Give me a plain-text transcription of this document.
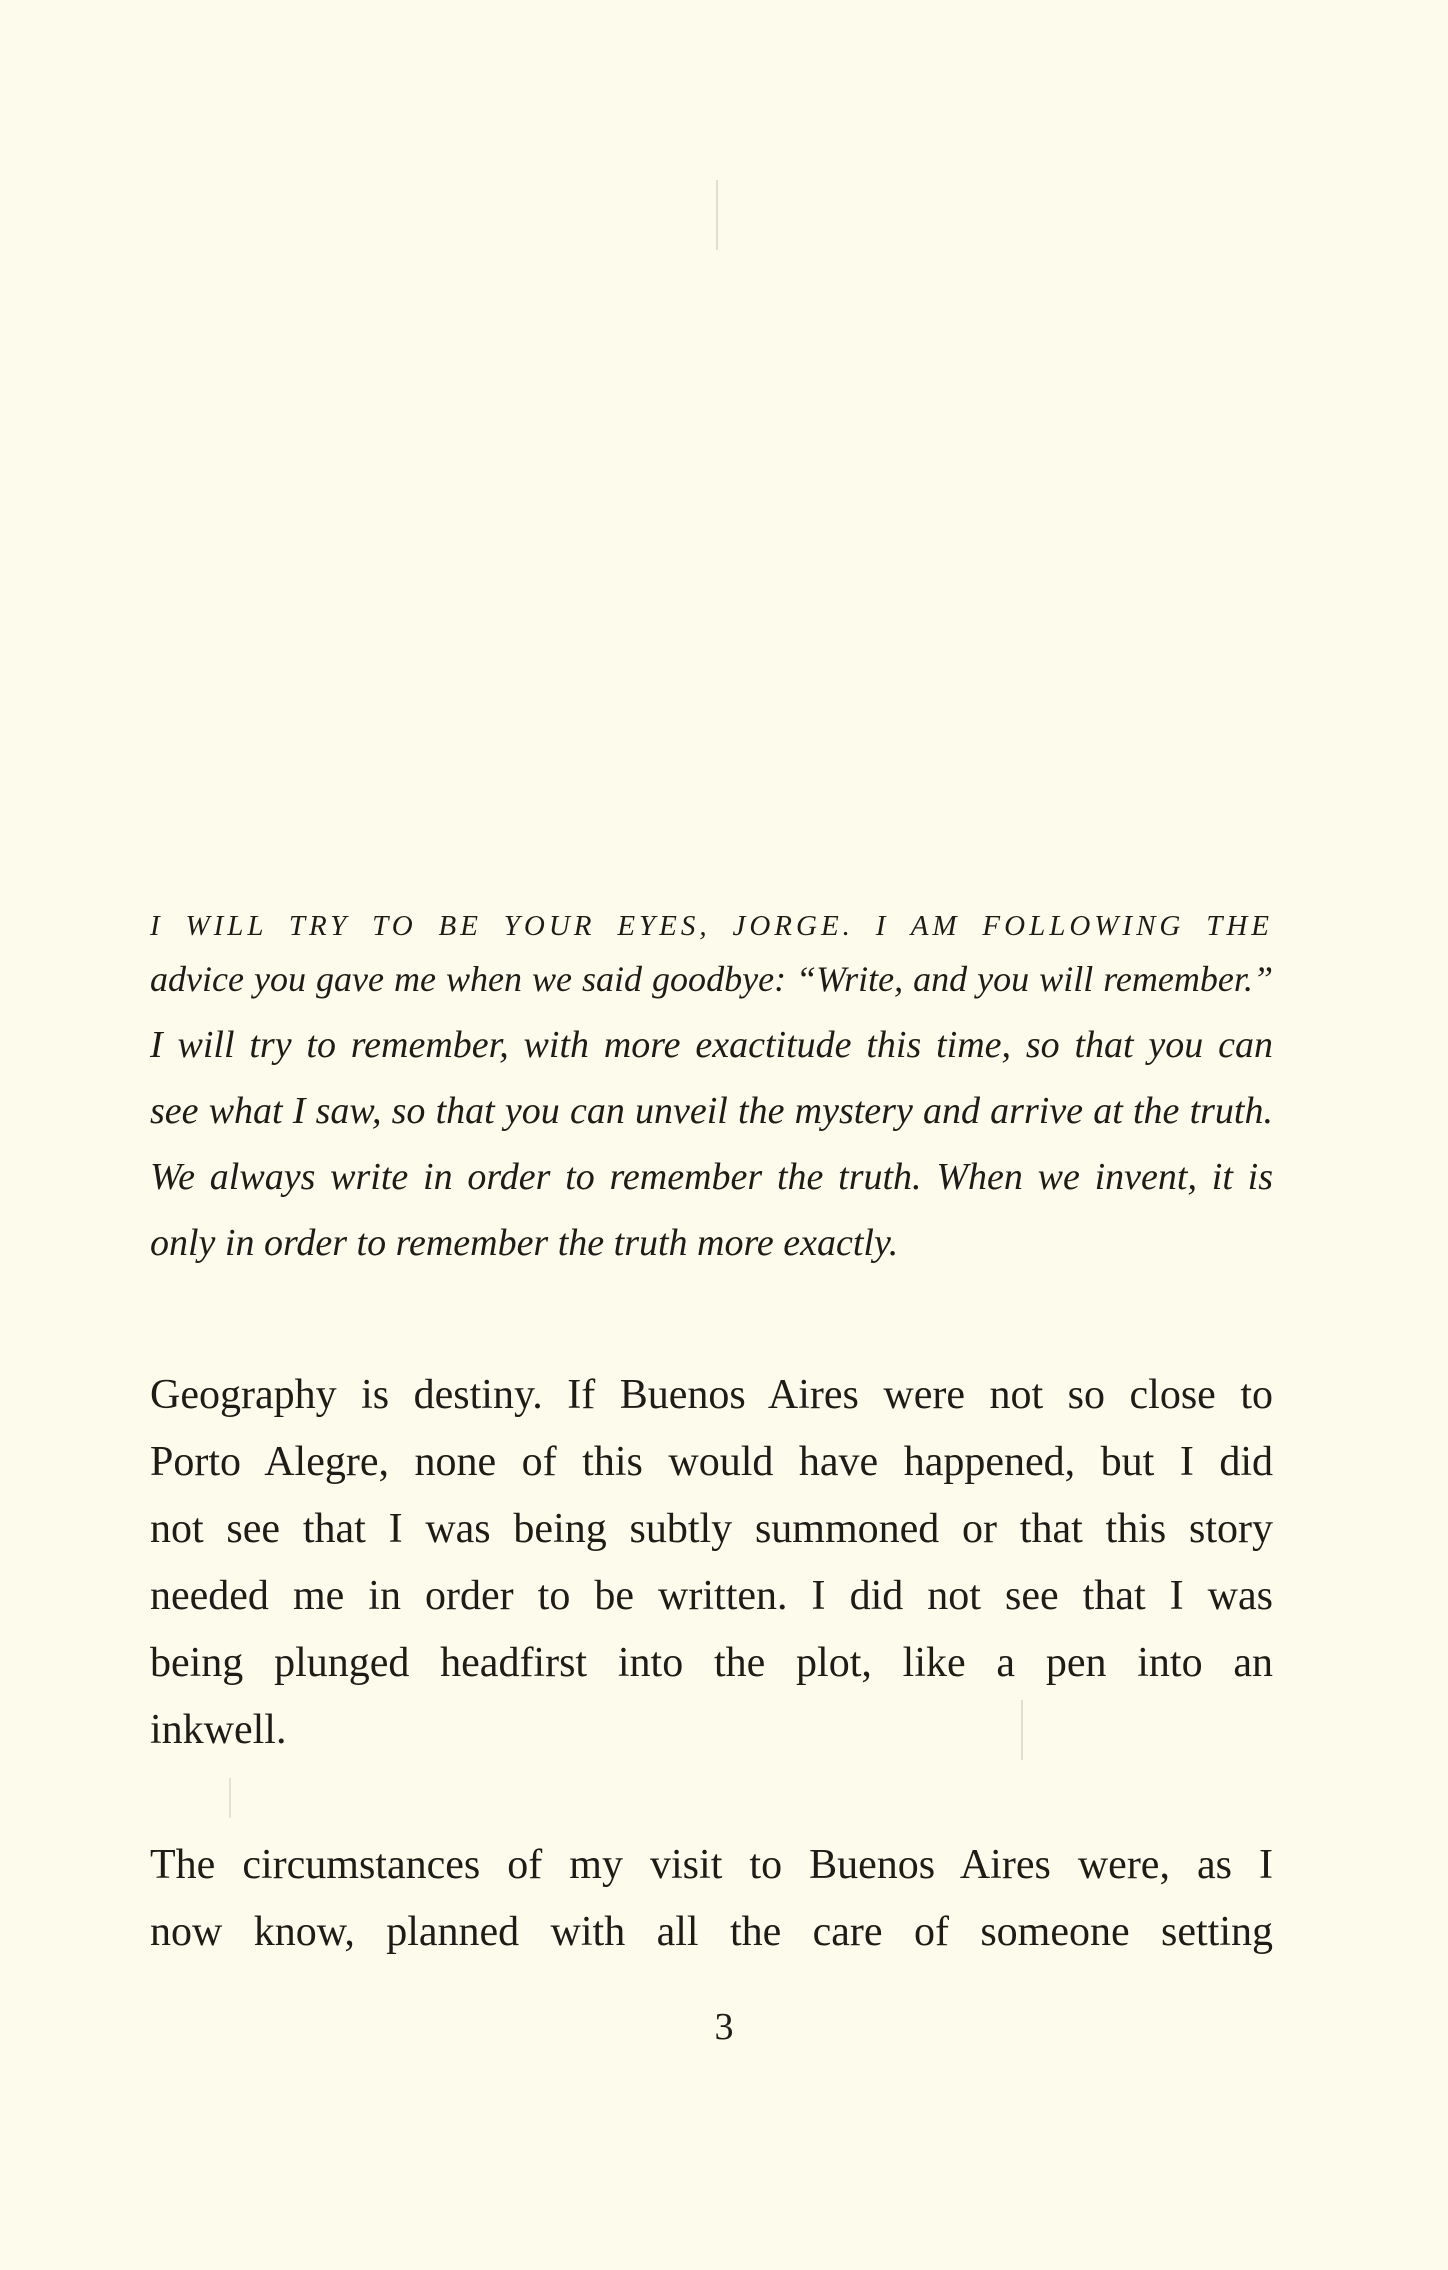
I WILL TRY TO BE YOUR EYES, JORGE. I AM FOLLOWING THE
advice you gave me when we said goodbye: “Write, and you will remember.”
I will try to remember, with more exactitude this time, so that you can
see what I saw, so that you can unveil the mystery and arrive at the truth.
We always write in order to remember the truth. When we invent, it is
only in order to remember the truth more exactly.
Geography is destiny. If Buenos Aires were not so close to
Porto Alegre, none of this would have happened, but I did
not see that I was being subtly summoned or that this story
needed me in order to be written. I did not see that I was
being plunged headfirst into the plot, like a pen into an
inkwell.
The circumstances of my visit to Buenos Aires were, as I
now know, planned with all the care of someone setting
3
